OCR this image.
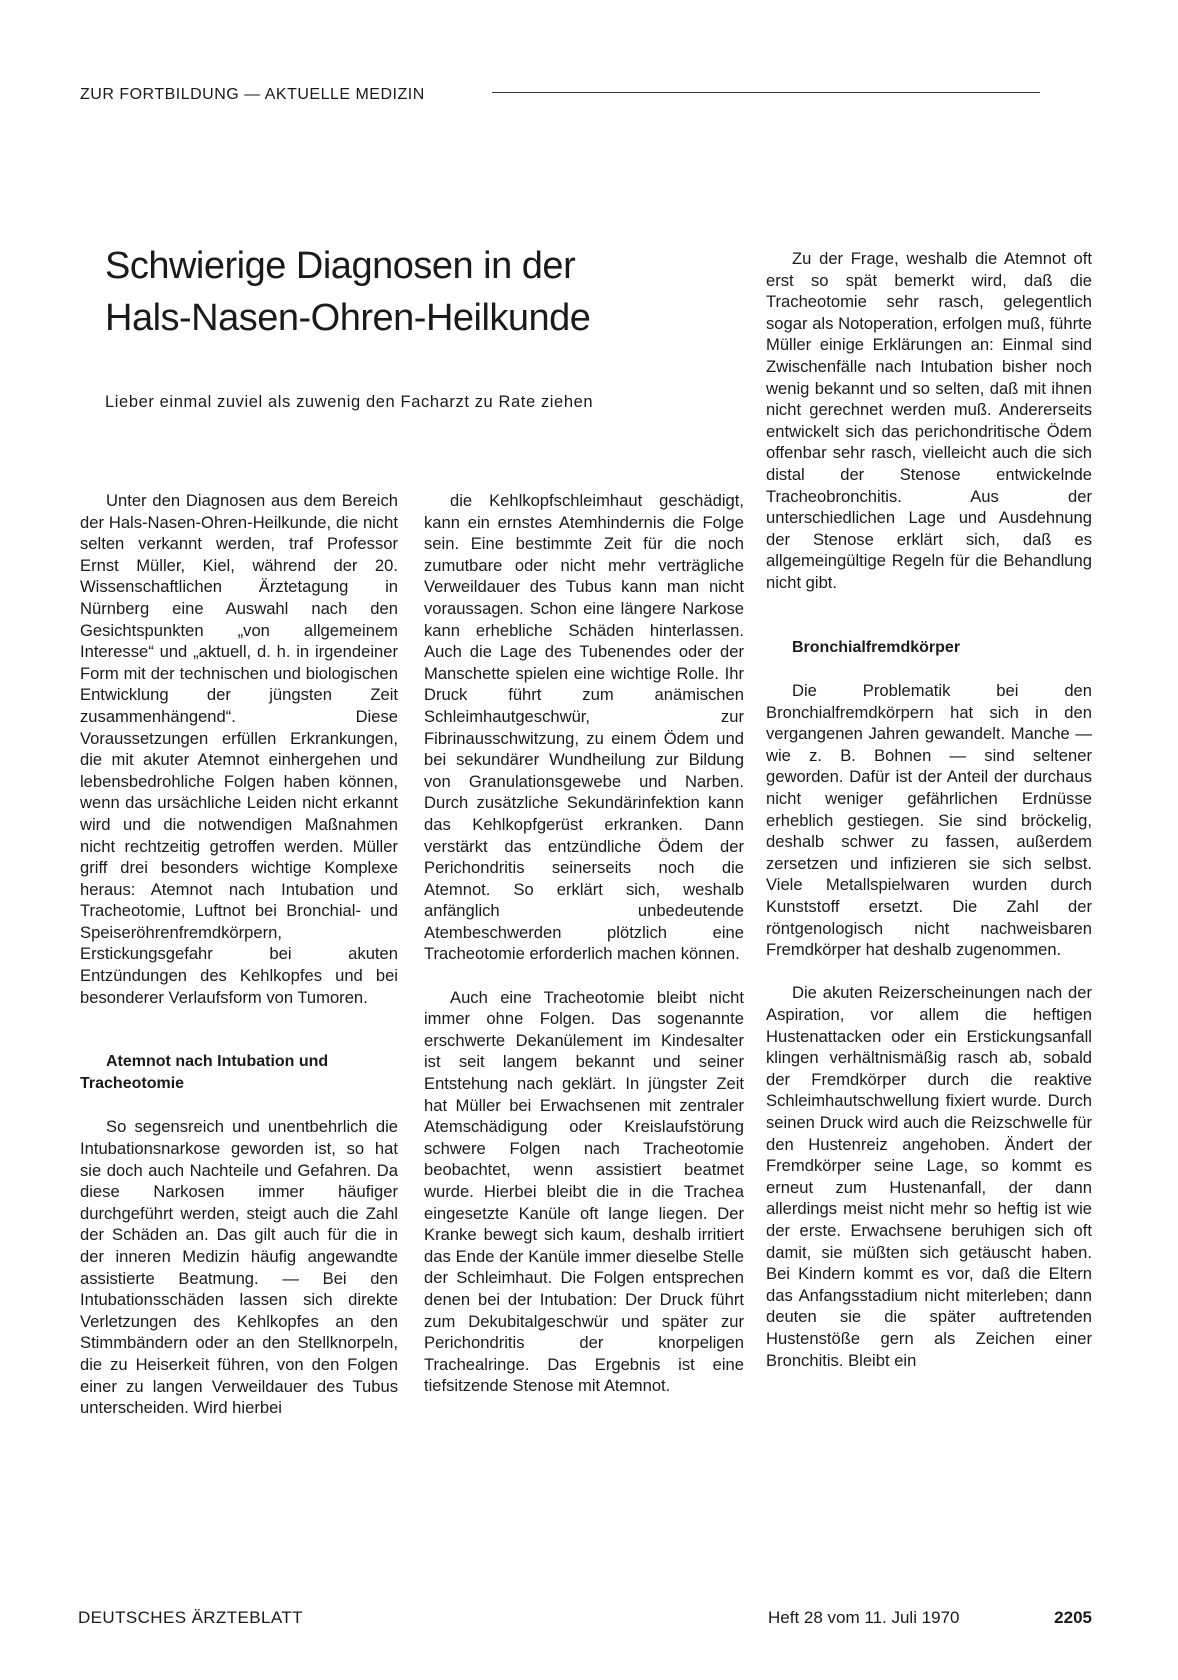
ZUR FORTBILDUNG — AKTUELLE MEDIZIN
Schwierige Diagnosen in der
Hals-Nasen-Ohren-Heilkunde

Lieber einmal zuviel als zuwenig den Facharzt zu Rate ziehen

Unter den Diagnosen aus dem Bereich der Hals-Nasen-Ohren-Heilkunde, die nicht selten verkannt werden, traf Professor Ernst Müller, Kiel, während der 20. Wissenschaftlichen Ärztetagung in Nürnberg eine Auswahl nach den Gesichtspunkten „von allgemeinem Interesse“ und „aktuell, d. h. in irgendeiner Form mit der technischen und biologischen Entwicklung der jüngsten Zeit zusammenhängend“. Diese Voraussetzungen erfüllen Erkrankungen, die mit akuter Atemnot einhergehen und lebensbedrohliche Folgen haben können, wenn das ursächliche Leiden nicht erkannt wird und die notwendigen Maßnahmen nicht rechtzeitig getroffen werden. Müller griff drei besonders wichtige Komplexe heraus: Atemnot nach Intubation und Tracheotomie, Luftnot bei Bronchial- und Speiseröhrenfremdkörpern, Erstickungsgefahr bei akuten Entzündungen des Kehlkopfes und bei besonderer Verlaufsform von Tumoren.

Atemnot nach Intubation und Tracheotomie

So segensreich und unentbehrlich die Intubationsnarkose geworden ist, so hat sie doch auch Nachteile und Gefahren. Da diese Narkosen immer häufiger durchgeführt werden, steigt auch die Zahl der Schäden an. Das gilt auch für die in der inneren Medizin häufig angewandte assistierte Beatmung. — Bei den Intubationsschäden lassen sich direkte Verletzungen des Kehlkopfes an den Stimmbändern oder an den Stellknorpeln, die zu Heiserkeit führen, von den Folgen einer zu langen Verweildauer des Tubus unterscheiden. Wird hierbei

die Kehlkopfschleimhaut geschädigt, kann ein ernstes Atemhindernis die Folge sein. Eine bestimmte Zeit für die noch zumutbare oder nicht mehr verträgliche Verweildauer des Tubus kann man nicht voraussagen. Schon eine längere Narkose kann erhebliche Schäden hinterlassen. Auch die Lage des Tubenendes oder der Manschette spielen eine wichtige Rolle. Ihr Druck führt zum anämischen Schleimhautgeschwür, zur Fibrinausschwitzung, zu einem Ödem und bei sekundärer Wundheilung zur Bildung von Granulationsgewebe und Narben. Durch zusätzliche Sekundärinfektion kann das Kehlkopfgerüst erkranken. Dann verstärkt das entzündliche Ödem der Perichondritis seinerseits noch die Atemnot. So erklärt sich, weshalb anfänglich unbedeutende Atembeschwerden plötzlich eine Tracheotomie erforderlich machen können.

Auch eine Tracheotomie bleibt nicht immer ohne Folgen. Das sogenannte erschwerte Dekanülement im Kindesalter ist seit langem bekannt und seiner Entstehung nach geklärt. In jüngster Zeit hat Müller bei Erwachsenen mit zentraler Atemschädigung oder Kreislaufstörung schwere Folgen nach Tracheotomie beobachtet, wenn assistiert beatmet wurde. Hierbei bleibt die in die Trachea eingesetzte Kanüle oft lange liegen. Der Kranke bewegt sich kaum, deshalb irritiert das Ende der Kanüle immer dieselbe Stelle der Schleimhaut. Die Folgen entsprechen denen bei der Intubation: Der Druck führt zum Dekubitalgeschwür und später zur Perichondritis der knorpeligen Trachealringe. Das Ergebnis ist eine tiefsitzende Stenose mit Atemnot.

Zu der Frage, weshalb die Atemnot oft erst so spät bemerkt wird, daß die Tracheotomie sehr rasch, gelegentlich sogar als Notoperation, erfolgen muß, führte Müller einige Erklärungen an: Einmal sind Zwischenfälle nach Intubation bisher noch wenig bekannt und so selten, daß mit ihnen nicht gerechnet werden muß. Andererseits entwickelt sich das perichondritische Ödem offenbar sehr rasch, vielleicht auch die sich distal der Stenose entwickelnde Tracheobronchitis. Aus der unterschiedlichen Lage und Ausdehnung der Stenose erklärt sich, daß es allgemeingültige Regeln für die Behandlung nicht gibt.

Bronchialfremdkörper

Die Problematik bei den Bronchialfremdkörpern hat sich in den vergangenen Jahren gewandelt. Manche — wie z. B. Bohnen — sind seltener geworden. Dafür ist der Anteil der durchaus nicht weniger gefährlichen Erdnüsse erheblich gestiegen. Sie sind bröckelig, deshalb schwer zu fassen, außerdem zersetzen und infizieren sie sich selbst. Viele Metallspielwaren wurden durch Kunststoff ersetzt. Die Zahl der röntgenologisch nicht nachweisbaren Fremdkörper hat deshalb zugenommen.

Die akuten Reizerscheinungen nach der Aspiration, vor allem die heftigen Hustenattacken oder ein Erstickungsanfall klingen verhältnismäßig rasch ab, sobald der Fremdkörper durch die reaktive Schleimhautschwellung fixiert wurde. Durch seinen Druck wird auch die Reizschwelle für den Hustenreiz angehoben. Ändert der Fremdkörper seine Lage, so kommt es erneut zum Hustenanfall, der dann allerdings meist nicht mehr so heftig ist wie der erste. Erwachsene beruhigen sich oft damit, sie müßten sich getäuscht haben. Bei Kindern kommt es vor, daß die Eltern das Anfangsstadium nicht miterleben; dann deuten sie die später auftretenden Hustenstöße gern als Zeichen einer Bronchitis. Bleibt ein

DEUTSCHES ÄRZTEBLATT	Heft 28 vom 11. Juli 1970	2205
